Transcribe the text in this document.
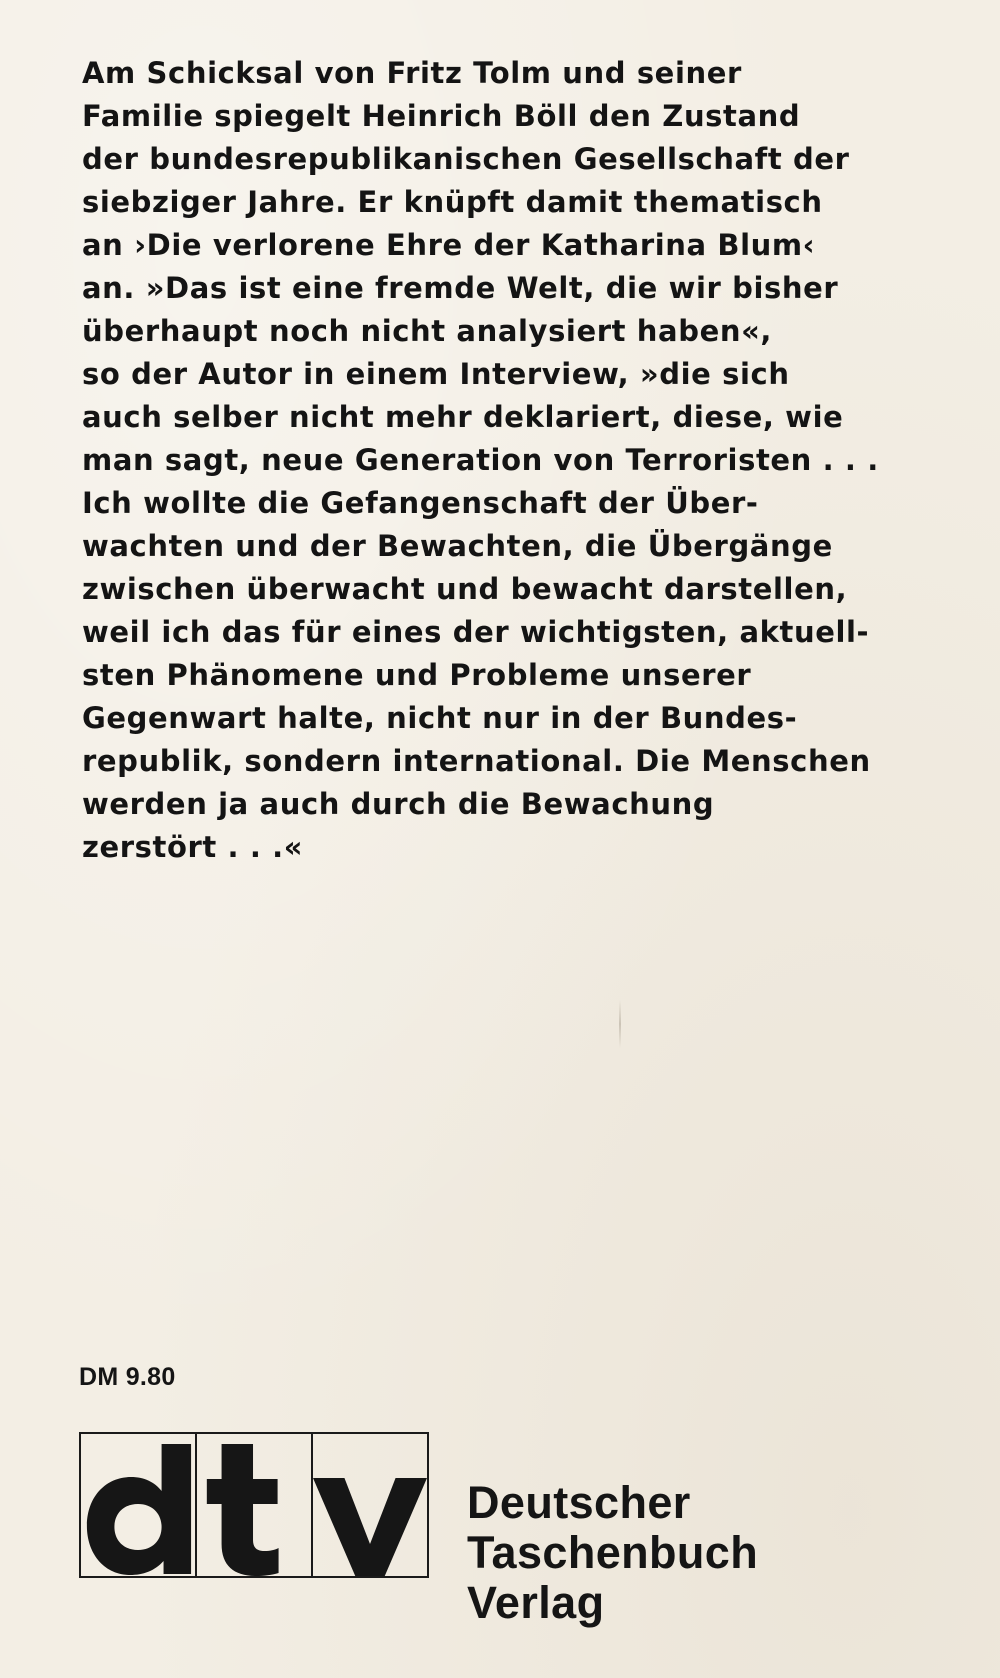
Am Schicksal von Fritz Tolm und seiner
Familie spiegelt Heinrich Böll den Zustand
der bundesrepublikanischen Gesellschaft der
siebziger Jahre. Er knüpft damit thematisch
an ›Die verlorene Ehre der Katharina Blum‹
an. »Das ist eine fremde Welt, die wir bisher
überhaupt noch nicht analysiert haben«,
so der Autor in einem Interview, »die sich
auch selber nicht mehr deklariert, diese, wie
man sagt, neue Generation von Terroristen . . .
Ich wollte die Gefangenschaft der Über-
wachten und der Bewachten, die Übergänge
zwischen überwacht und bewacht darstellen,
weil ich das für eines der wichtigsten, aktuell-
sten Phänomene und Probleme unserer
Gegenwart halte, nicht nur in der Bundes-
republik, sondern international. Die Menschen
werden ja auch durch die Bewachung
zerstört . . .«

DM 9.80
Deutscher
Taschenbuch
Verlag
